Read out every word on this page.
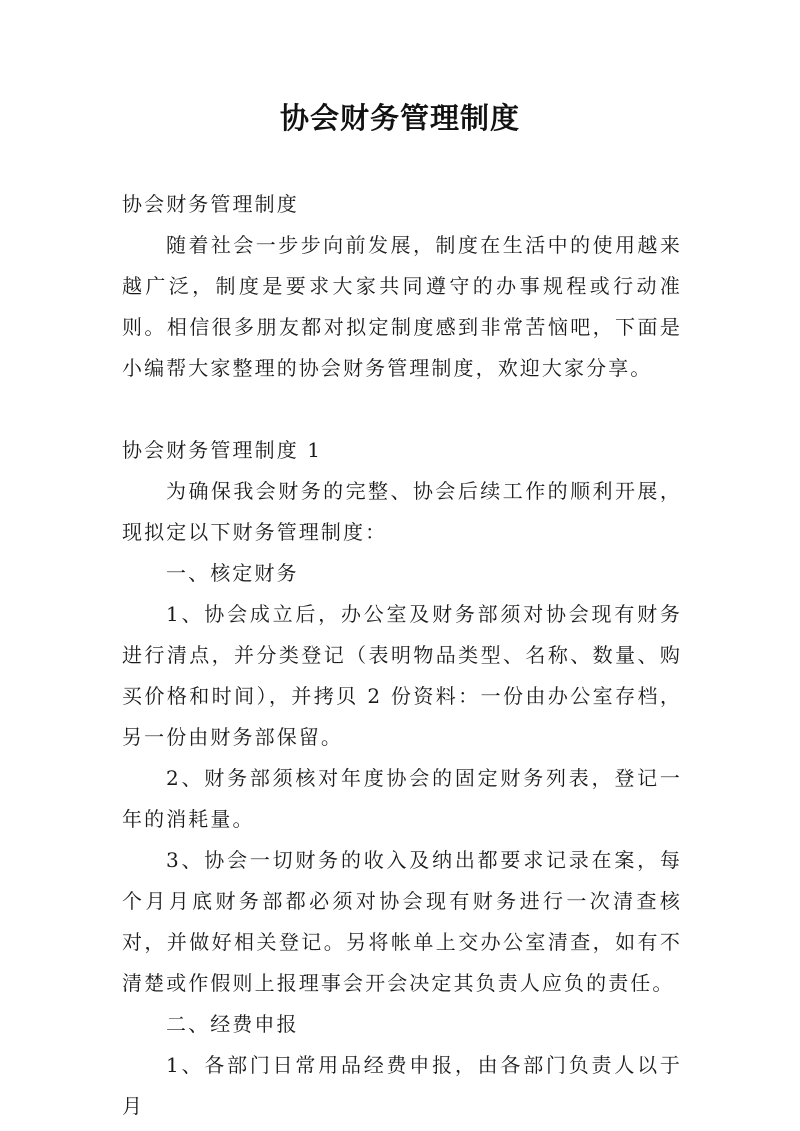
协会财务管理制度

协会财务管理制度

随着社会一步步向前发展，制度在生活中的使用越来越广泛，制度是要求大家共同遵守的办事规程或行动准则。相信很多朋友都对拟定制度感到非常苦恼吧，下面是小编帮大家整理的协会财务管理制度，欢迎大家分享。

协会财务管理制度 1

为确保我会财务的完整、协会后续工作的顺利开展，现拟定以下财务管理制度：

一、核定财务

1、协会成立后，办公室及财务部须对协会现有财务进行清点，并分类登记（表明物品类型、名称、数量、购买价格和时间），并拷贝 2 份资料：一份由办公室存档，另一份由财务部保留。

2、财务部须核对年度协会的固定财务列表，登记一年的消耗量。

3、协会一切财务的收入及纳出都要求记录在案，每个月月底财务部都必须对协会现有财务进行一次清查核对，并做好相关登记。另将帐单上交办公室清查，如有不清楚或作假则上报理事会开会决定其负责人应负的责任。

二、经费申报

1、各部门日常用品经费申报，由各部门负责人以于月
